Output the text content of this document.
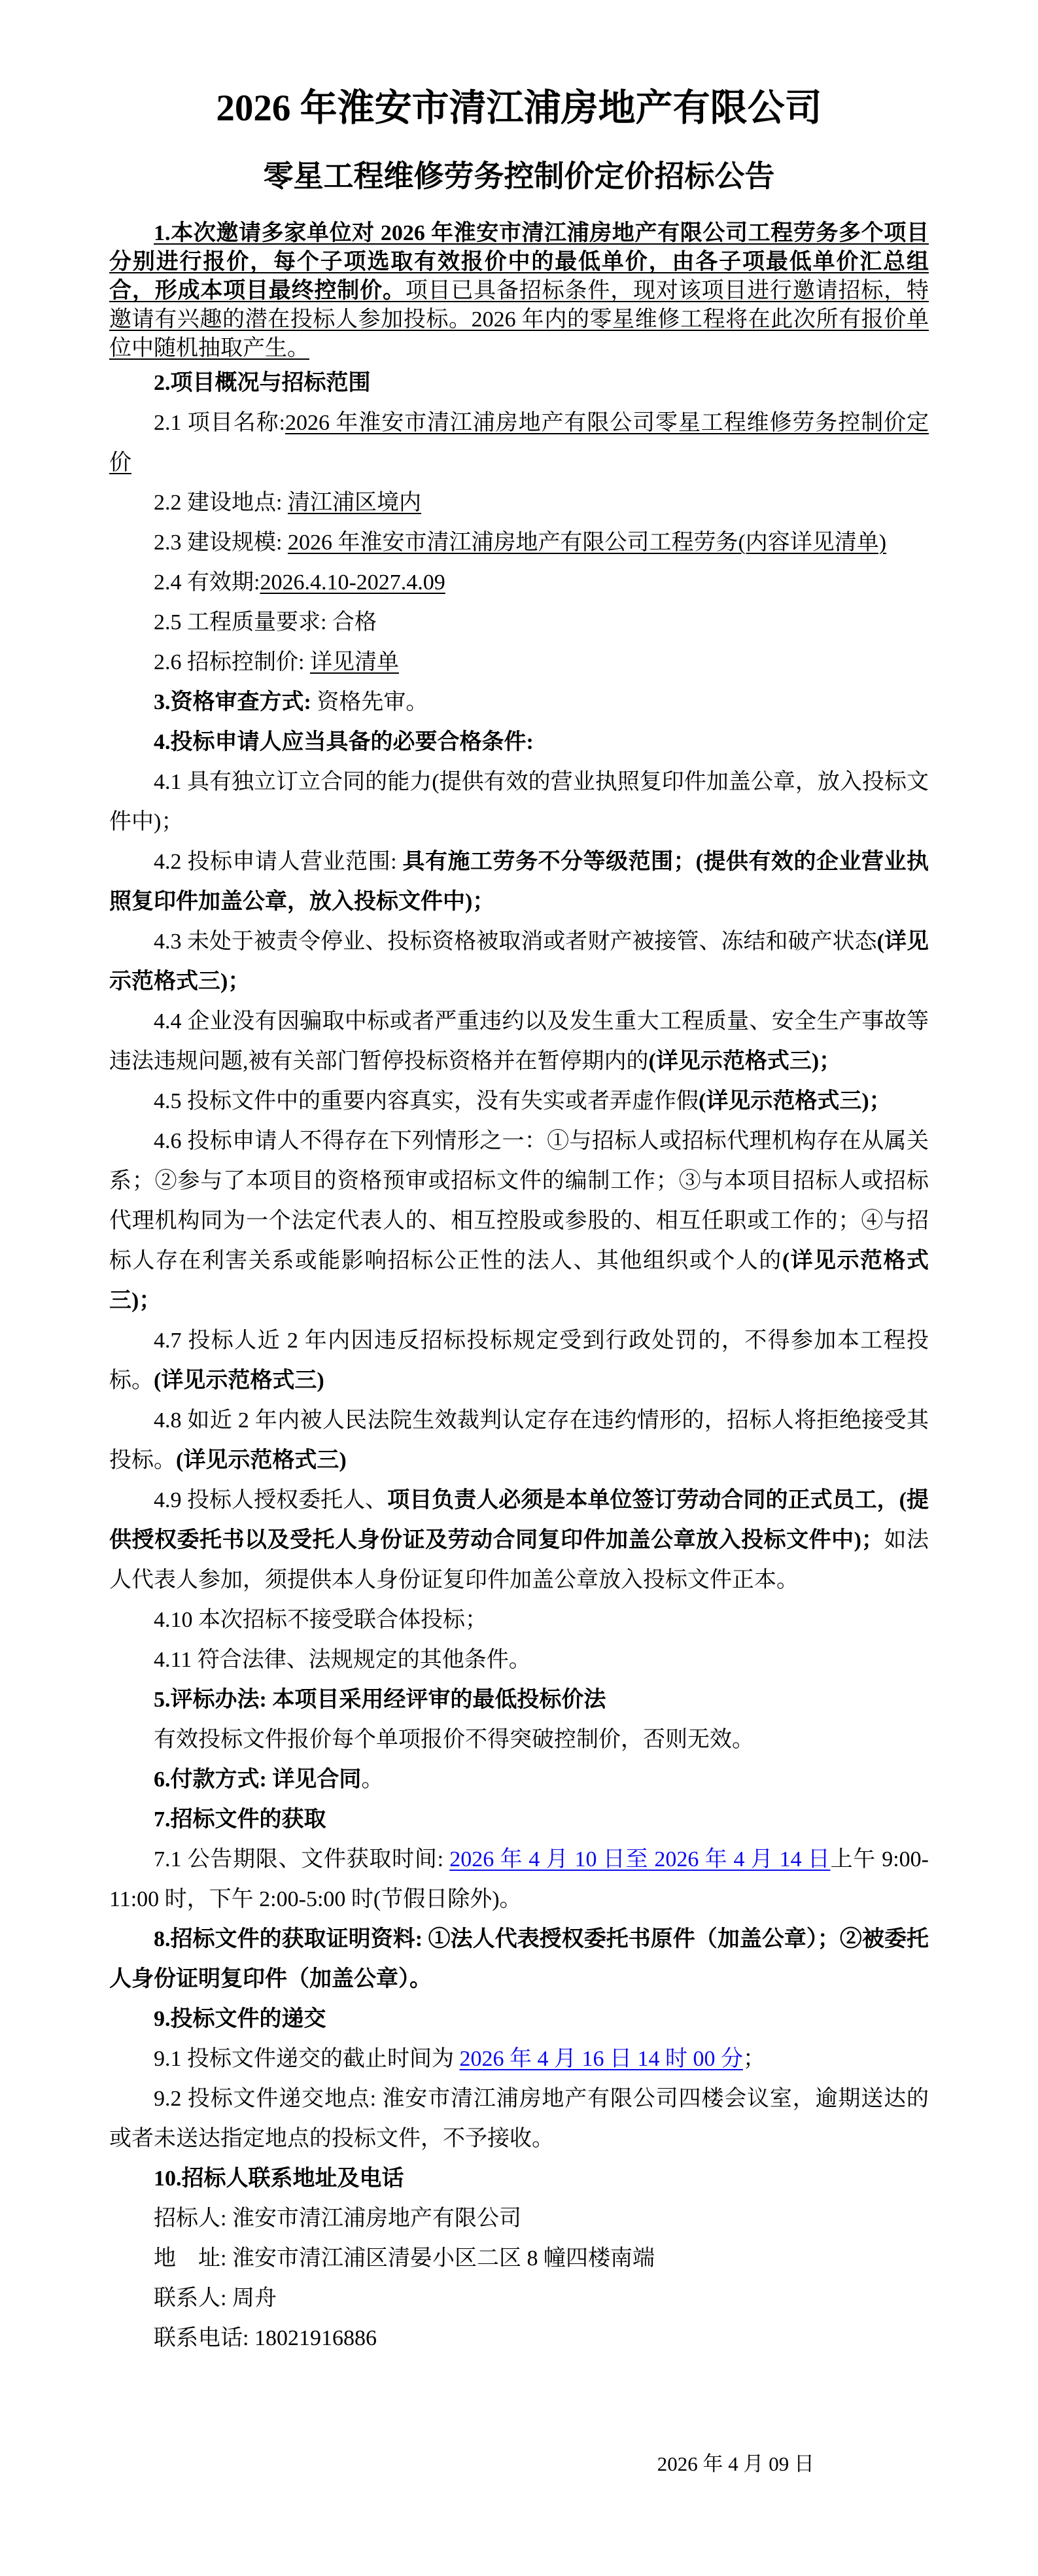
2026 年淮安市清江浦房地产有限公司
零星工程维修劳务控制价定价招标公告

1.本次邀请多家单位对 2026 年淮安市清江浦房地产有限公司工程劳务多个项目分别进行报价，每个子项选取有效报价中的最低单价，由各子项最低单价汇总组合，形成本项目最终控制价。项目已具备招标条件，现对该项目进行邀请招标，特邀请有兴趣的潜在投标人参加投标。2026 年内的零星维修工程将在此次所有报价单位中随机抽取产生。

2.项目概况与招标范围

2.1 项目名称:2026 年淮安市清江浦房地产有限公司零星工程维修劳务控制价定价

2.2 建设地点: 清江浦区境内

2.3 建设规模: 2026 年淮安市清江浦房地产有限公司工程劳务(内容详见清单)

2.4 有效期:2026.4.10-2027.4.09

2.5 工程质量要求: 合格

2.6 招标控制价: 详见清单

3.资格审查方式: 资格先审。

4.投标申请人应当具备的必要合格条件:

4.1 具有独立订立合同的能力(提供有效的营业执照复印件加盖公章，放入投标文件中)；

4.2 投标申请人营业范围: 具有施工劳务不分等级范围；(提供有效的企业营业执照复印件加盖公章，放入投标文件中)；

4.3 未处于被责令停业、投标资格被取消或者财产被接管、冻结和破产状态(详见示范格式三)；

4.4 企业没有因骗取中标或者严重违约以及发生重大工程质量、安全生产事故等违法违规问题,被有关部门暂停投标资格并在暂停期内的(详见示范格式三)；

4.5 投标文件中的重要内容真实，没有失实或者弄虚作假(详见示范格式三)；

4.6 投标申请人不得存在下列情形之一：①与招标人或招标代理机构存在从属关系；②参与了本项目的资格预审或招标文件的编制工作；③与本项目招标人或招标代理机构同为一个法定代表人的、相互控股或参股的、相互任职或工作的；④与招标人存在利害关系或能影响招标公正性的法人、其他组织或个人的(详见示范格式三)；

4.7 投标人近 2 年内因违反招标投标规定受到行政处罚的，不得参加本工程投标。(详见示范格式三)

4.8 如近 2 年内被人民法院生效裁判认定存在违约情形的，招标人将拒绝接受其投标。(详见示范格式三)

4.9 投标人授权委托人、项目负责人必须是本单位签订劳动合同的正式员工，(提供授权委托书以及受托人身份证及劳动合同复印件加盖公章放入投标文件中)；如法人代表人参加，须提供本人身份证复印件加盖公章放入投标文件正本。

4.10 本次招标不接受联合体投标；

4.11 符合法律、法规规定的其他条件。

5.评标办法: 本项目采用经评审的最低投标价法

有效投标文件报价每个单项报价不得突破控制价，否则无效。

6.付款方式: 详见合同。

7.招标文件的获取

7.1 公告期限、文件获取时间: 2026 年 4 月 10 日至 2026 年 4 月 14 日上午 9:00-11:00 时，下午 2:00-5:00 时(节假日除外)。

8.招标文件的获取证明资料: ①法人代表授权委托书原件（加盖公章）；②被委托人身份证明复印件（加盖公章）。

9.投标文件的递交

9.1 投标文件递交的截止时间为 2026 年 4 月 16 日 14 时 00 分；

9.2 投标文件递交地点: 淮安市清江浦房地产有限公司四楼会议室，逾期送达的或者未送达指定地点的投标文件，不予接收。

10.招标人联系地址及电话

招标人: 淮安市清江浦房地产有限公司

地　址: 淮安市清江浦区清晏小区二区 8 幢四楼南端

联系人: 周舟

联系电话: 18021916886

2026 年 4 月 09 日
